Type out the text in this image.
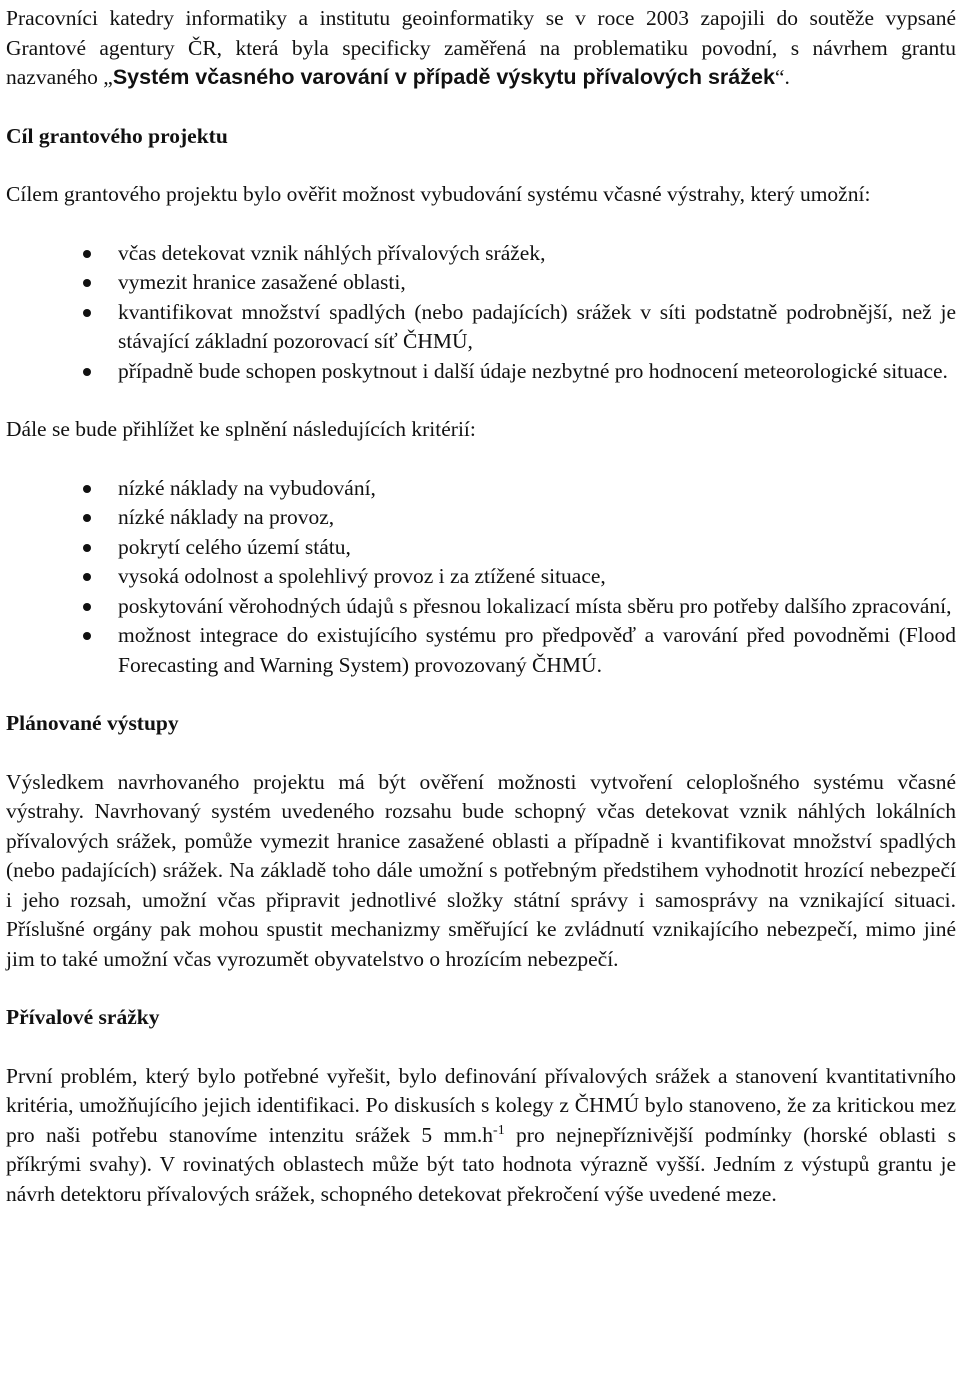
Pracovníci katedry informatiky a institutu geoinformatiky se v roce 2003 zapojili do soutěže vypsané Grantové agentury ČR, která byla specificky zaměřená na problematiku povodní, s návrhem grantu nazvaného „Systém včasného varování v případě výskytu přívalových srážek“.

Cíl grantového projektu

Cílem grantového projektu bylo ověřit možnost vybudování systému včasné výstrahy, který umožní:

včas detekovat vznik náhlých přívalových srážek,
vymezit hranice zasažené oblasti,
kvantifikovat množství spadlých (nebo padajících) srážek v síti podstatně podrobnější, než je stávající základní pozorovací síť ČHMÚ,
případně bude schopen poskytnout i další údaje nezbytné pro hodnocení meteorologické situace.

Dále se bude přihlížet ke splnění následujících kritérií:

nízké náklady na vybudování,
nízké náklady na provoz,
pokrytí celého území státu,
vysoká odolnost a spolehlivý provoz i za ztížené situace,
poskytování věrohodných údajů s přesnou lokalizací místa sběru pro potřeby dalšího zpracování,
možnost integrace do existujícího systému pro předpověď a varování před povodněmi (Flood Forecasting and Warning System) provozovaný ČHMÚ.
Plánované výstupy

Výsledkem navrhovaného projektu má být ověření možnosti vytvoření celoplošného systému včasné výstrahy. Navrhovaný systém uvedeného rozsahu bude schopný včas detekovat vznik náhlých lokálních přívalových srážek, pomůže vymezit hranice zasažené oblasti a případně i kvantifikovat množství spadlých (nebo padajících) srážek. Na základě toho dále umožní s potřebným předstihem vyhodnotit hrozící nebezpečí i jeho rozsah, umožní včas připravit jednotlivé složky státní správy i samosprávy na vznikající situaci. Příslušné orgány pak mohou spustit mechanizmy směřující ke zvládnutí vznikajícího nebezpečí, mimo jiné jim to také umožní včas vyrozumět obyvatelstvo o hrozícím nebezpečí.

Přívalové srážky

První problém, který bylo potřebné vyřešit, bylo definování přívalových srážek a stanovení kvantitativního kritéria, umožňujícího jejich identifikaci. Po diskusích s kolegy z ČHMÚ bylo stanoveno, že za kritickou mez pro naši potřebu stanovíme intenzitu srážek 5 $mm.h^{-1}$ pro nejnepříznivější podmínky (horské oblasti s příkrými svahy). V rovinatých oblastech může být tato hodnota výrazně vyšší. Jedním z výstupů grantu je návrh detektoru přívalových srážek, schopného detekovat překročení výše uvedené meze.
